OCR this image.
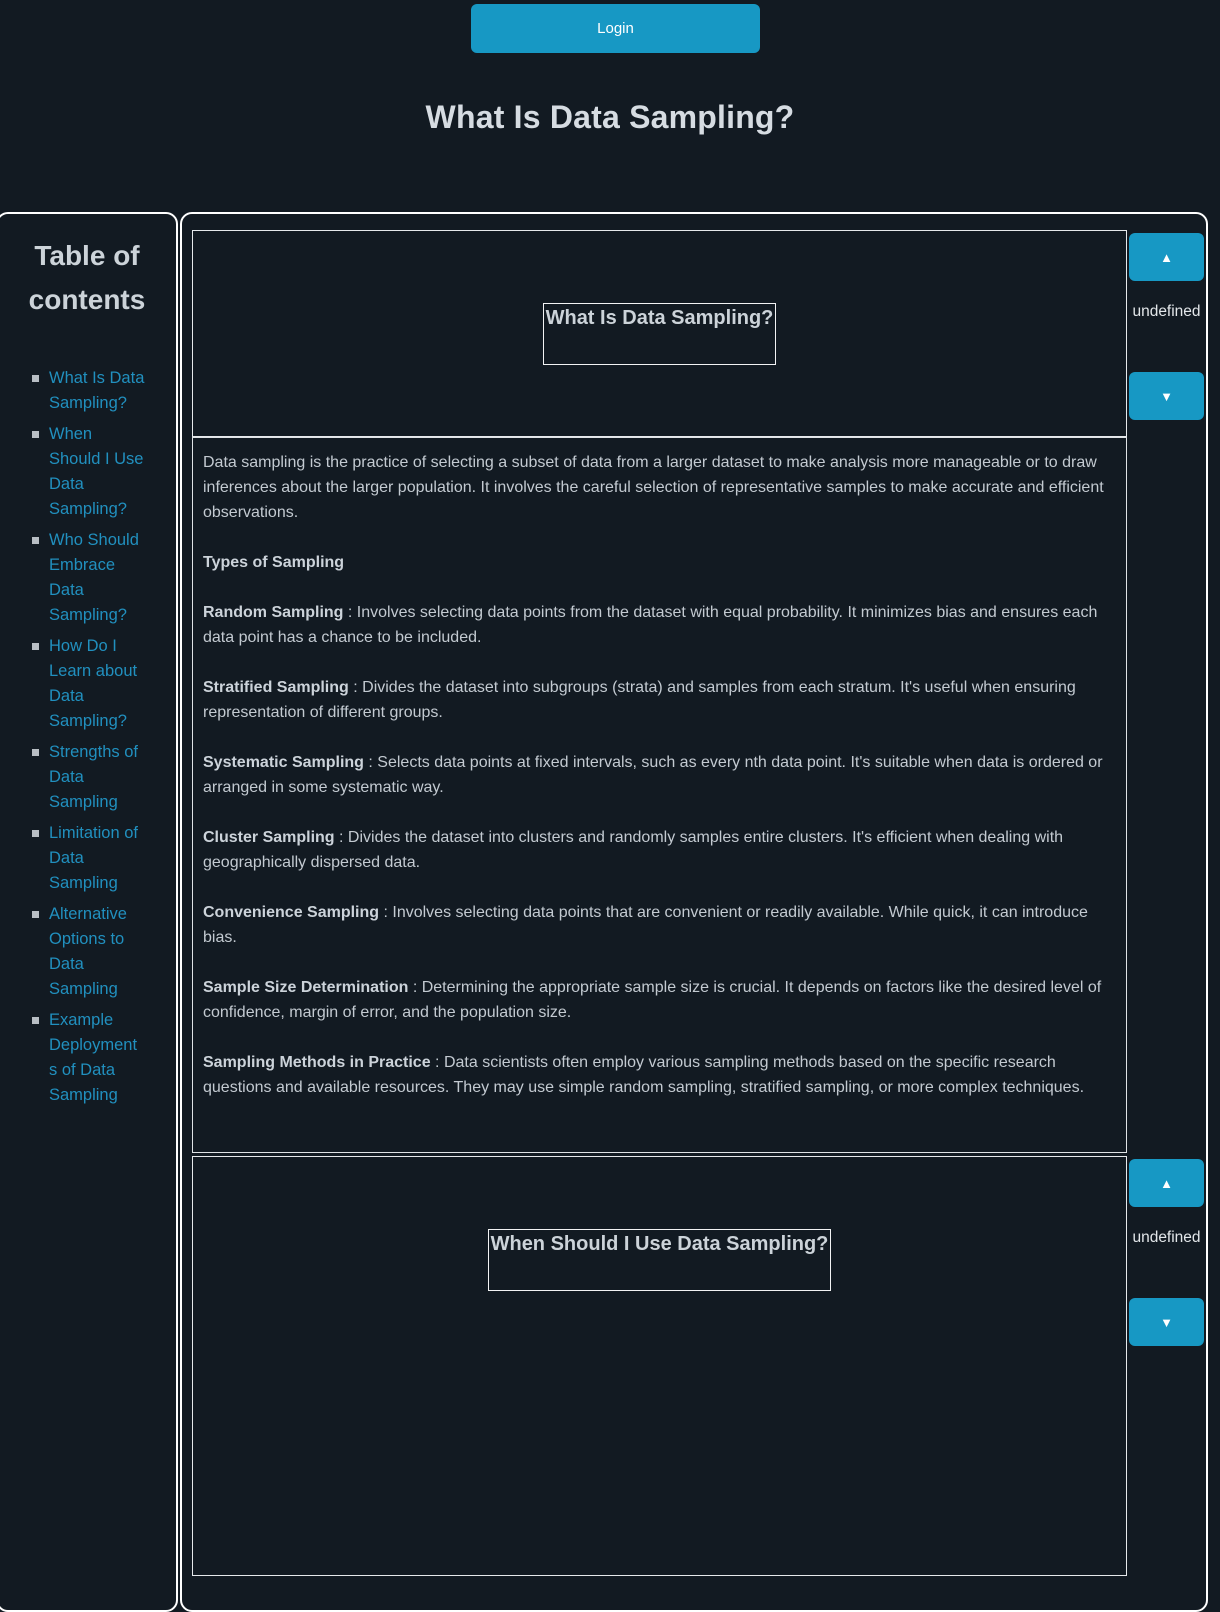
Login
What Is Data Sampling?
Table of contents
What Is Data Sampling?
When Should I Use Data Sampling?
Who Should Embrace Data Sampling?
How Do I Learn about Data Sampling?
Strengths of Data Sampling
Limitation of Data Sampling
Alternative Options to Data Sampling
Example Deployments of Data Sampling
What Is Data Sampling?
▲
undefined
▼

Data sampling is the practice of selecting a subset of data from a larger dataset to make analysis more manageable or to draw inferences about the larger population. It involves the careful selection of representative samples to make accurate and efficient observations.

Types of Sampling

Random Sampling : Involves selecting data points from the dataset with equal probability. It minimizes bias and ensures each data point has a chance to be included.

Stratified Sampling : Divides the dataset into subgroups (strata) and samples from each stratum. It's useful when ensuring representation of different groups.

Systematic Sampling : Selects data points at fixed intervals, such as every nth data point. It's suitable when data is ordered or arranged in some systematic way.

Cluster Sampling : Divides the dataset into clusters and randomly samples entire clusters. It's efficient when dealing with geographically dispersed data.

Convenience Sampling : Involves selecting data points that are convenient or readily available. While quick, it can introduce bias.

Sample Size Determination : Determining the appropriate sample size is crucial. It depends on factors like the desired level of confidence, margin of error, and the population size.

Sampling Methods in Practice : Data scientists often employ various sampling methods based on the specific research questions and available resources. They may use simple random sampling, stratified sampling, or more complex techniques.

When Should I Use Data Sampling?
▲
undefined
▼
